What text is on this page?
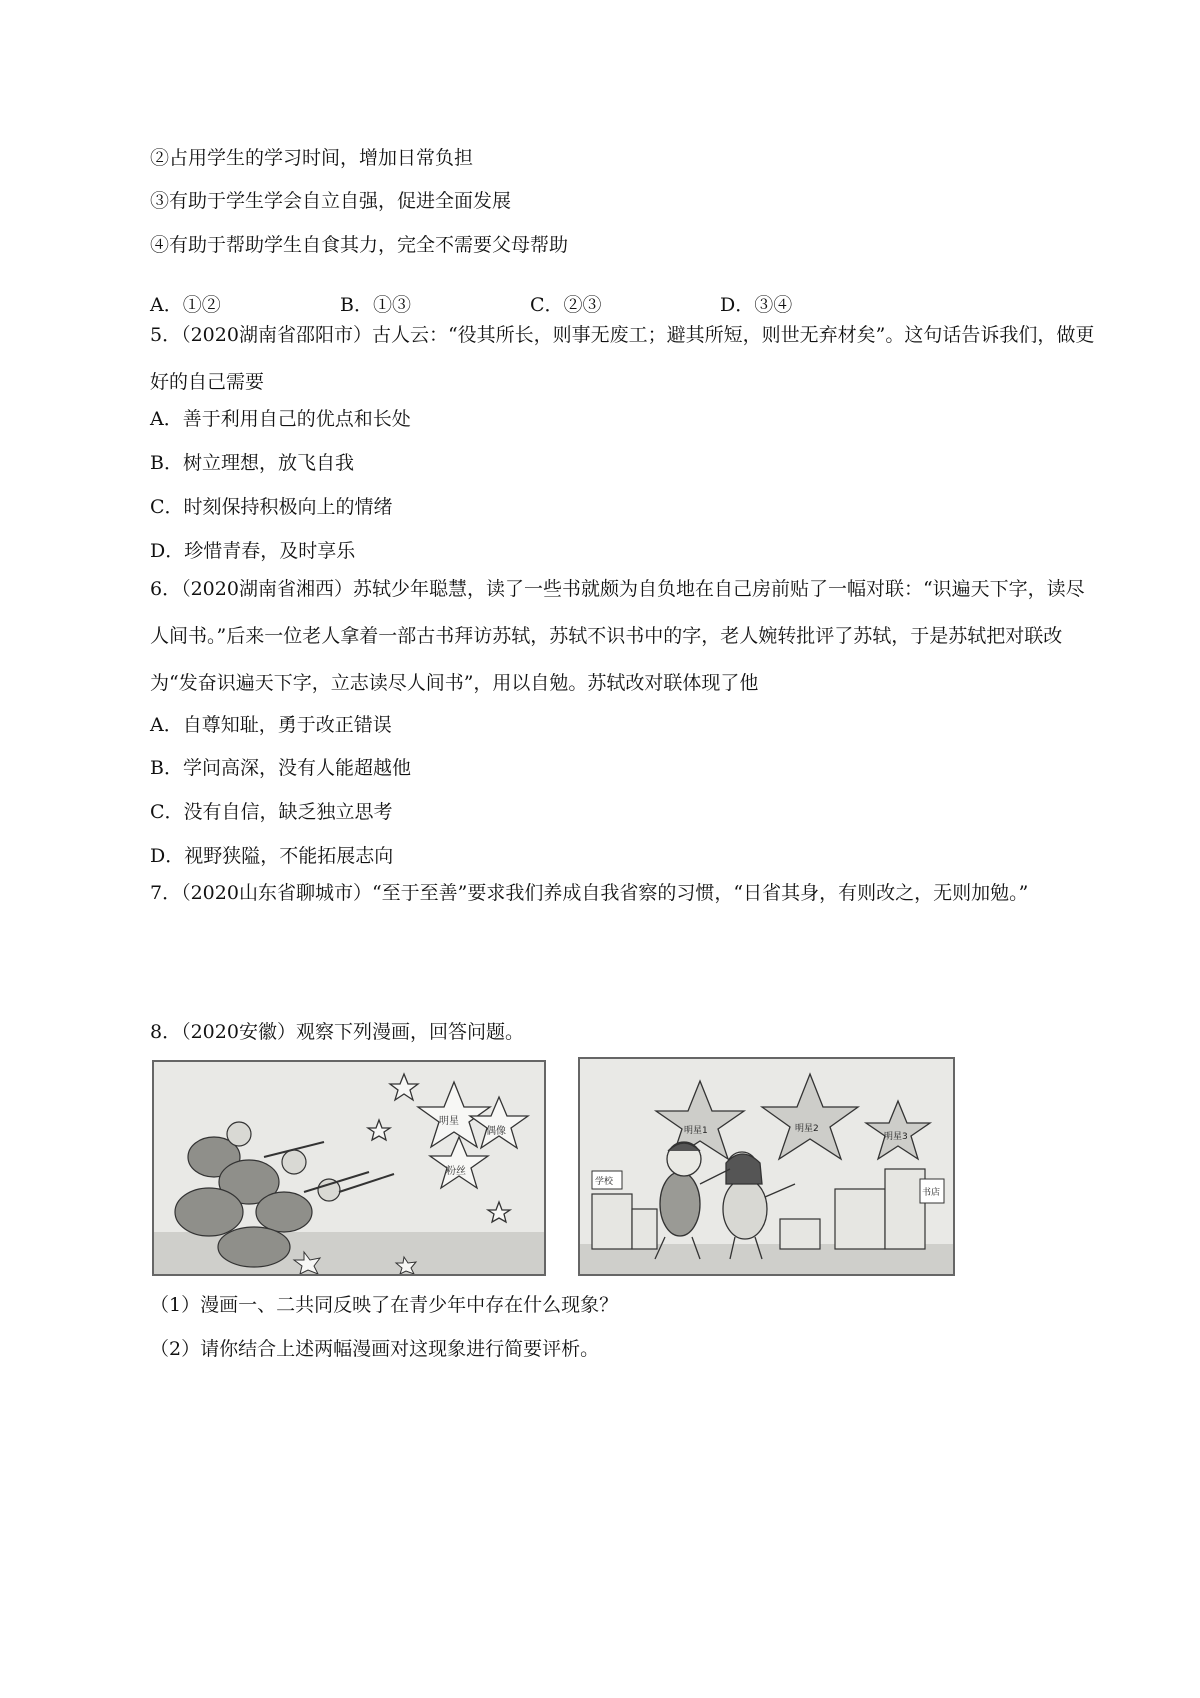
②占用学生的学习时间，增加日常负担
③有助于学生学会自立自强，促进全面发展
④有助于帮助学生自食其力，完全不需要父母帮助
A．①②	B．①③	C．②③	D．③④
5．（2020湖南省邵阳市）古人云：“役其所长，则事无废工；避其所短，则世无弃材矣”。这句话告诉我们，做更好的自己需要
A．善于利用自己的优点和长处
B．树立理想，放飞自我
C．时刻保持积极向上的情绪
D．珍惜青春，及时享乐
6．（2020湖南省湘西）苏轼少年聪慧，读了一些书就颇为自负地在自己房前贴了一幅对联：“识遍天下字，读尽人间书。”后来一位老人拿着一部古书拜访苏轼，苏轼不识书中的字，老人婉转批评了苏轼，于是苏轼把对联改为“发奋识遍天下字，立志读尽人间书”，用以自勉。苏轼改对联体现了他
A．自尊知耻，勇于改正错误
B．学问高深，没有人能超越他
C．没有自信，缺乏独立思考
D．视野狭隘，不能拓展志向
7．（2020山东省聊城市）“至于至善”要求我们养成自我省察的习惯，“日省其身，有则改之，无则加勉。”
8．（2020安徽）观察下列漫画，回答问题。
明星
偶像
粉丝
明星1	明星2
明星3
学校
书店
（1）漫画一、二共同反映了在青少年中存在什么现象？
（2）请你结合上述两幅漫画对这现象进行简要评析。
